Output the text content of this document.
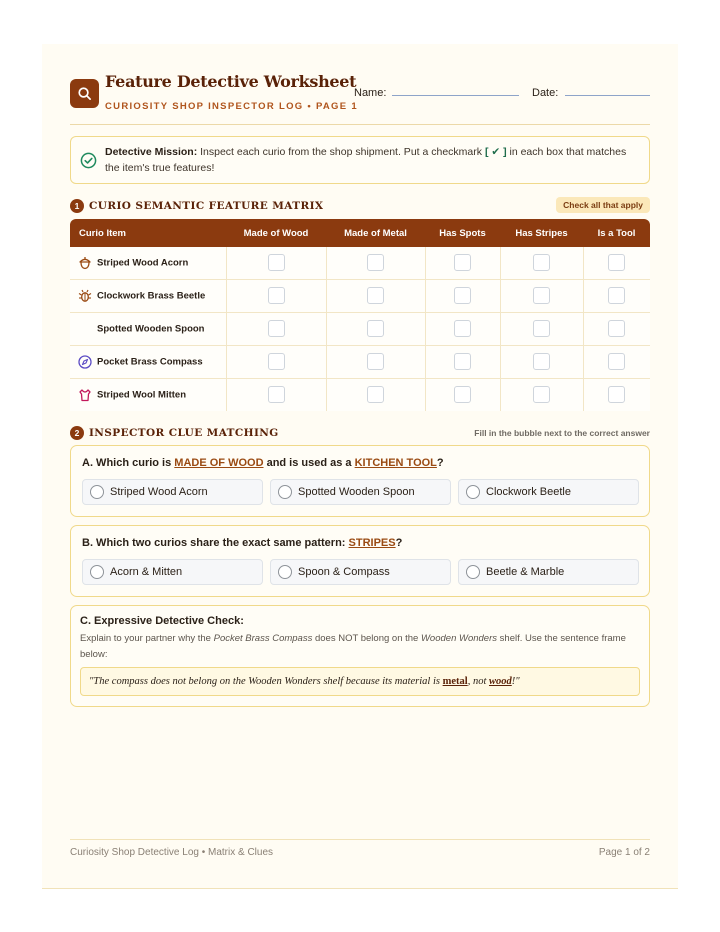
Feature Detective Worksheet
CURIOSITY SHOP INSPECTOR LOG • PAGE 1
Name:	Date:
Detective Mission: Inspect each curio from the shop shipment. Put a checkmark [ ✔ ] in each box that matches the item's true features!
1 CURIO SEMANTIC FEATURE MATRIX	Check all that apply
Curio Item	Made of Wood	Made of Metal	Has Spots	Has Stripes	Is a Tool

Striped Wood Acorn					

Clockwork Brass Beetle					
Spotted Wooden Spoon					

Pocket Brass Compass					

Striped Wool Mitten					
2 INSPECTOR CLUE MATCHING	Fill in the bubble next to the correct answer
A. Which curio is MADE OF WOOD and is used as a KITCHEN TOOL?
Striped Wood Acorn	Spotted Wooden Spoon	Clockwork Beetle
B. Which two curios share the exact same pattern: STRIPES?
Acorn & Mitten	Spoon & Compass	Beetle & Marble
C. Expressive Detective Check:
Explain to your partner why the Pocket Brass Compass does NOT belong on the Wooden Wonders shelf. Use the sentence frame below:
"The compass does not belong on the Wooden Wonders shelf because its material is metal, not wood!"
Curiosity Shop Detective Log • Matrix & Clues	Page 1 of 2
